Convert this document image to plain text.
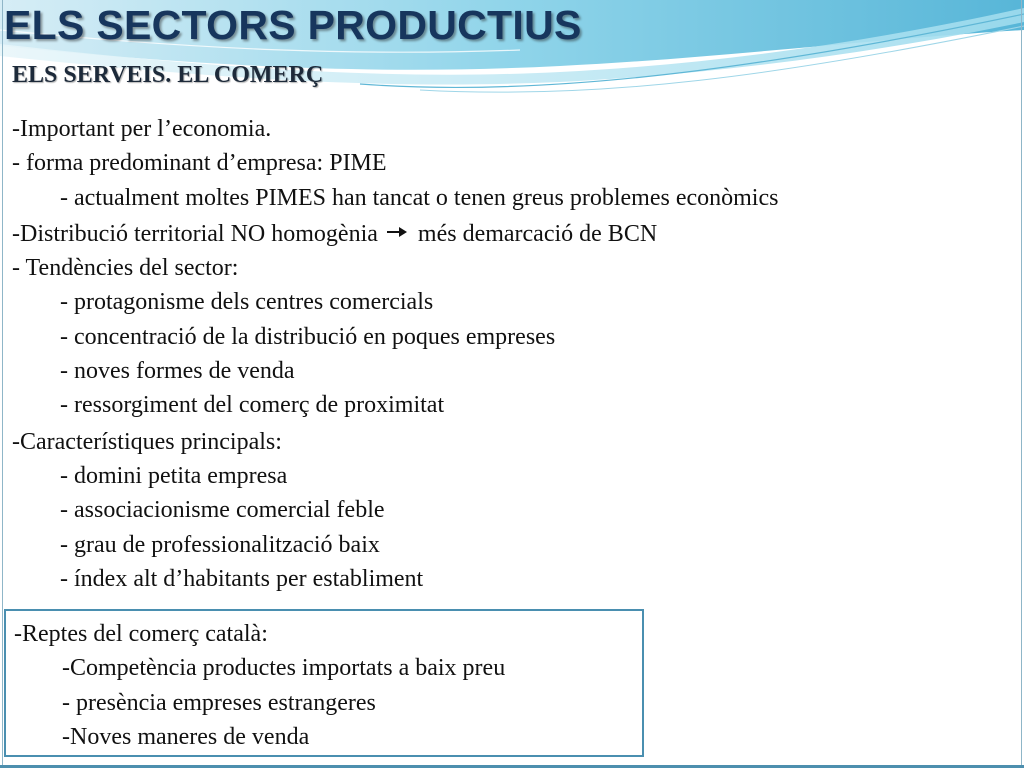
ELS SECTORS PRODUCTIUS
ELS SERVEIS. EL COMERÇ
-Important per l’economia.
- forma predominant d’empresa: PIME
- actualment moltes PIMES han tancat o tenen greus problemes econòmics
-Distribució territorial NO homogènia més demarcació de BCN
- Tendències del sector:
- protagonisme dels centres comercials
- concentració de la distribució en poques empreses
- noves formes de venda
- ressorgiment del comerç de proximitat
-Característiques principals:
- domini petita empresa
- associacionisme comercial feble
- grau de professionalització baix
- índex alt d’habitants per establiment
-Reptes del comerç català:
-Competència productes importats a baix preu
- presència empreses estrangeres
-Noves maneres de venda
